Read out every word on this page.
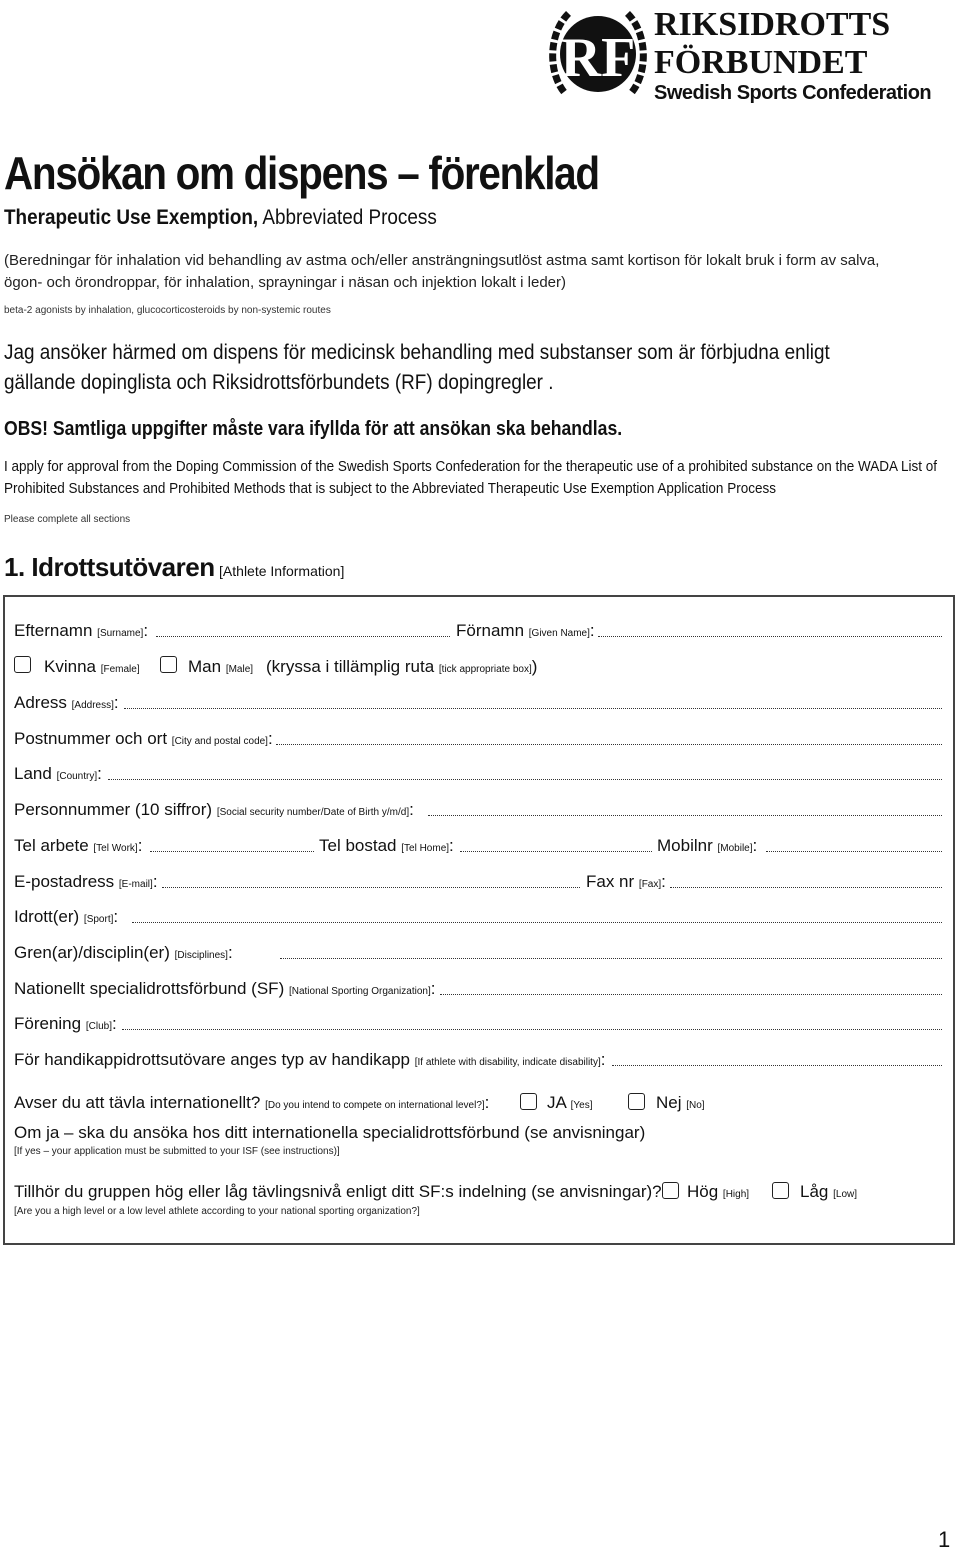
RF
RIKSIDROTTS
FÖRBUNDET
Swedish Sports Confederation
Ansökan om dispens – förenklad
Therapeutic Use Exemption, Abbreviated Process
(Beredningar för inhalation vid behandling av astma och/eller ansträngningsutlöst astma samt kortison för lokalt bruk i form av salva, ögon- och örondroppar, för inhalation, sprayningar i näsan och injektion lokalt i leder)
beta-2 agonists by inhalation, glucocorticosteroids by non-systemic routes
Jag ansöker härmed om dispens för medicinsk behandling med substanser som är förbjudna enligt gällande dopinglista och Riksidrottsförbundets (RF) dopingregler .
OBS! Samtliga uppgifter måste vara ifyllda för att ansökan ska behandlas.
I apply for approval from the Doping Commission of the Swedish Sports Confederation for the therapeutic use of a prohibited substance on the WADA List of Prohibited Substances and Prohibited Methods that is subject to the Abbreviated Therapeutic Use Exemption Application Process
Please complete all sections
1. Idrottsutövaren [Athlete Information]
Efternamn [Surname]:	Förnamn [Given Name]:
Kvinna [Female]	Man [Male] (kryssa i tillämplig ruta [tick appropriate box])
Adress [Address]:
Postnummer och ort [City and postal code]:
Land [Country]:
Personnummer (10 siffror) [Social security number/Date of Birth y/m/d]:
Tel arbete [Tel Work]:	Tel bostad [Tel Home]:	Mobilnr [Mobile]:
E-postadress [E-mail]:	Fax nr [Fax]:
Idrott(er) [Sport]:
Gren(ar)/disciplin(er) [Disciplines]:
Nationellt specialidrottsförbund (SF) [National Sporting Organization]:
Förening [Club]:
För handikappidrottsutövare anges typ av handikapp [If athlete with disability, indicate disability]:
Avser du att tävla internationellt? [Do you intend to compete on international level?]:	JA [Yes]	Nej [No]
Om ja – ska du ansöka hos ditt internationella specialidrottsförbund (se anvisningar)
[If yes – your application must be submitted to your ISF (see instructions)]
Tillhör du gruppen hög eller låg tävlingsnivå enligt ditt SF:s indelning (se anvisningar)? Hög [High]	Låg [Low]
[Are you a high level or a low level athlete according to your national sporting organization?]
1
